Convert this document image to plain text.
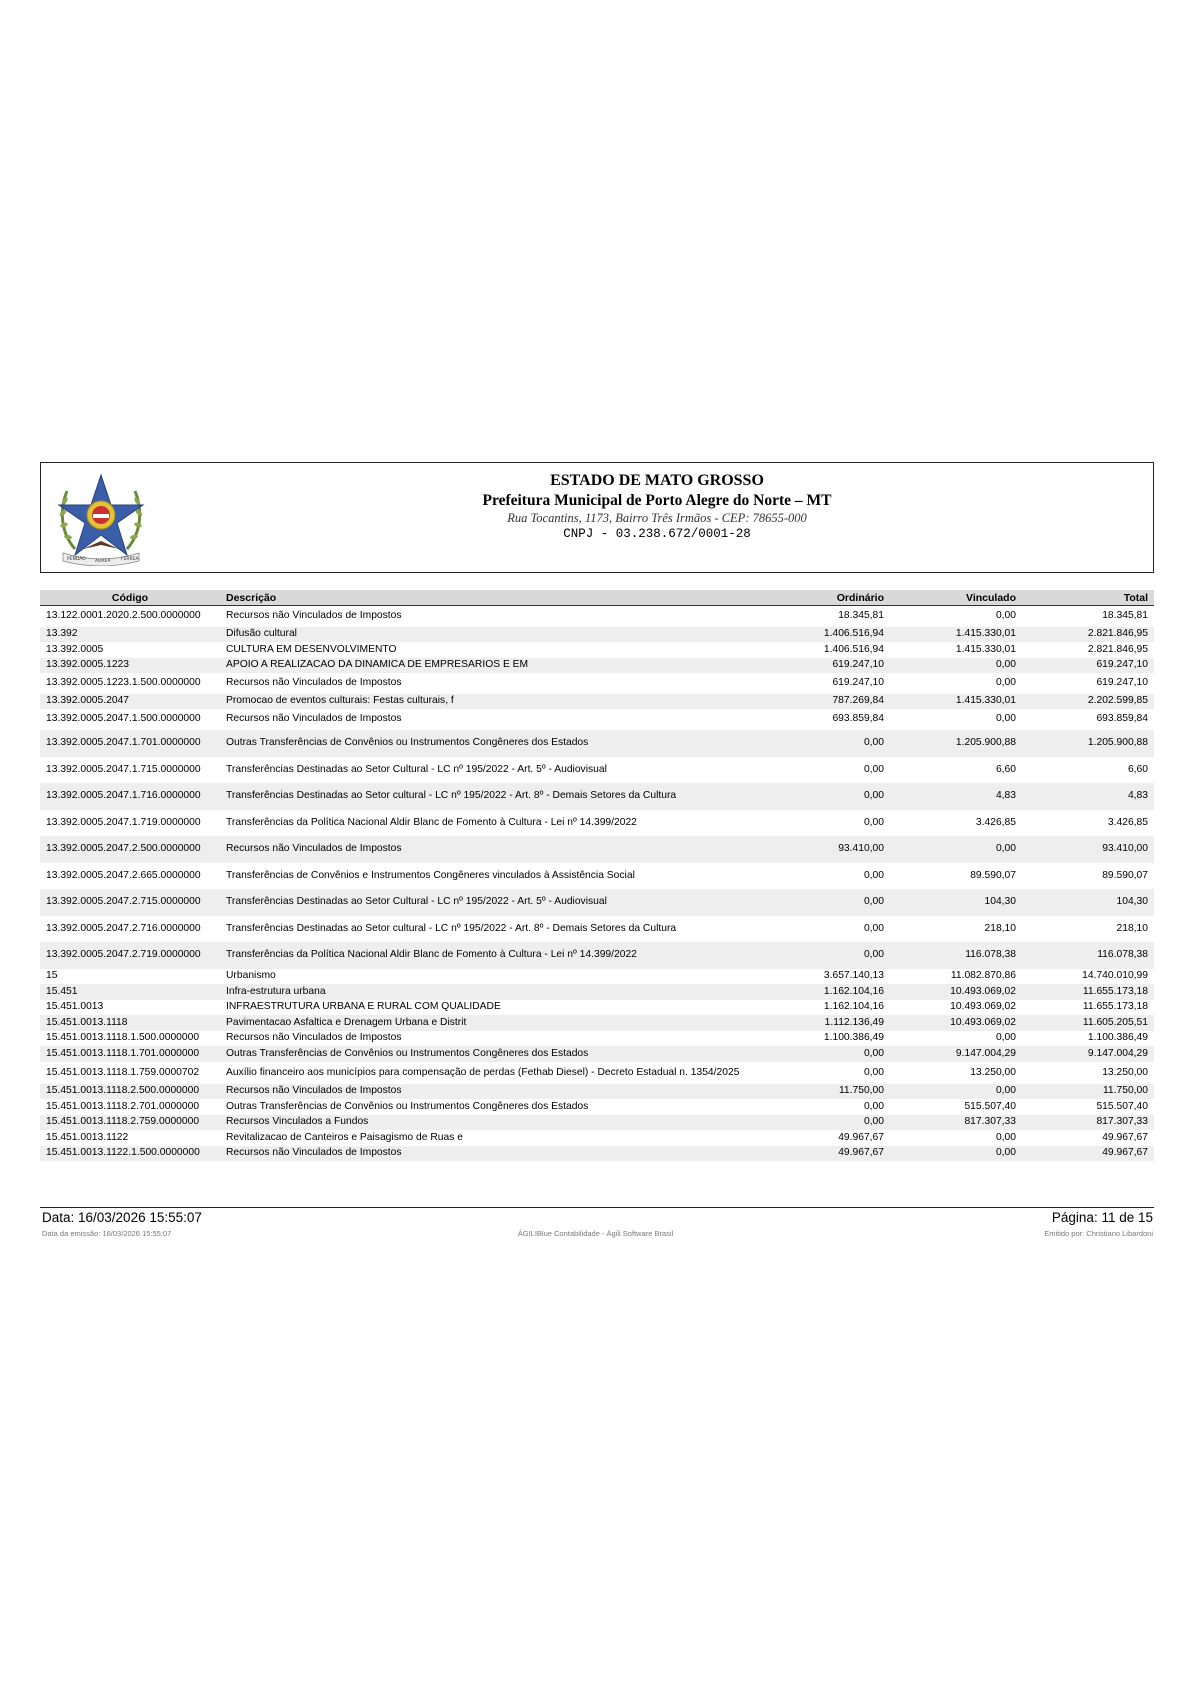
PENDÃO AUREA FERREA
ESTADO DE MATO GROSSO
Prefeitura Municipal de Porto Alegre do Norte – MT
Rua Tocantins, 1173, Bairro Três Irmãos - CEP: 78655-000
CNPJ - 03.238.672/0001-28
Código	Descrição	Ordinário	Vinculado	Total
13.122.0001.2020.2.500.0000000	Recursos não Vinculados de Impostos	18.345,81	0,00	18.345,81
13.392	Difusão cultural	1.406.516,94	1.415.330,01	2.821.846,95
13.392.0005	CULTURA EM DESENVOLVIMENTO	1.406.516,94	1.415.330,01	2.821.846,95
13.392.0005.1223	APOIO A REALIZACAO DA DINAMICA DE EMPRESARIOS E EM	619.247,10	0,00	619.247,10
13.392.0005.1223.1.500.0000000	Recursos não Vinculados de Impostos	619.247,10	0,00	619.247,10
13.392.0005.2047	Promocao de eventos culturais: Festas culturais, f	787.269,84	1.415.330,01	2.202.599,85
13.392.0005.2047.1.500.0000000	Recursos não Vinculados de Impostos	693.859,84	0,00	693.859,84
13.392.0005.2047.1.701.0000000	Outras Transferências de Convênios ou Instrumentos Congêneres dos Estados	0,00	1.205.900,88	1.205.900,88
13.392.0005.2047.1.715.0000000	Transferências Destinadas ao Setor Cultural - LC nº 195/2022 - Art. 5º - Audiovisual	0,00	6,60	6,60
13.392.0005.2047.1.716.0000000	Transferências Destinadas ao Setor cultural - LC nº 195/2022 - Art. 8º - Demais Setores da Cultura	0,00	4,83	4,83
13.392.0005.2047.1.719.0000000	Transferências da Política Nacional Aldir Blanc de Fomento à Cultura - Lei nº 14.399/2022	0,00	3.426,85	3.426,85
13.392.0005.2047.2.500.0000000	Recursos não Vinculados de Impostos	93.410,00	0,00	93.410,00
13.392.0005.2047.2.665.0000000	Transferências de Convênios e Instrumentos Congêneres vinculados à Assistência Social	0,00	89.590,07	89.590,07
13.392.0005.2047.2.715.0000000	Transferências Destinadas ao Setor Cultural - LC nº 195/2022 - Art. 5º - Audiovisual	0,00	104,30	104,30
13.392.0005.2047.2.716.0000000	Transferências Destinadas ao Setor cultural - LC nº 195/2022 - Art. 8º - Demais Setores da Cultura	0,00	218,10	218,10
13.392.0005.2047.2.719.0000000	Transferências da Política Nacional Aldir Blanc de Fomento à Cultura - Lei nº 14.399/2022	0,00	116.078,38	116.078,38
15	Urbanismo	3.657.140,13	11.082.870,86	14.740.010,99
15.451	Infra-estrutura urbana	1.162.104,16	10.493.069,02	11.655.173,18
15.451.0013	INFRAESTRUTURA URBANA E RURAL COM QUALIDADE	1.162.104,16	10.493.069,02	11.655.173,18
15.451.0013.1118	Pavimentacao Asfaltica e Drenagem Urbana e Distrit	1.112.136,49	10.493.069,02	11.605.205,51
15.451.0013.1118.1.500.0000000	Recursos não Vinculados de Impostos	1.100.386,49	0,00	1.100.386,49
15.451.0013.1118.1.701.0000000	Outras Transferências de Convênios ou Instrumentos Congêneres dos Estados	0,00	9.147.004,29	9.147.004,29
15.451.0013.1118.1.759.0000702	Auxílio financeiro aos municípios para compensação de perdas (Fethab Diesel) - Decreto Estadual n. 1354/2025	0,00	13.250,00	13.250,00
15.451.0013.1118.2.500.0000000	Recursos não Vinculados de Impostos	11.750,00	0,00	11.750,00
15.451.0013.1118.2.701.0000000	Outras Transferências de Convênios ou Instrumentos Congêneres dos Estados	0,00	515.507,40	515.507,40
15.451.0013.1118.2.759.0000000	Recursos Vinculados a Fundos	0,00	817.307,33	817.307,33
15.451.0013.1122	Revitalizacao de Canteiros e Paisagismo de Ruas e	49.967,67	0,00	49.967,67
15.451.0013.1122.1.500.0000000	Recursos não Vinculados de Impostos	49.967,67	0,00	49.967,67
Data: 16/03/2026 15:55:07	Página: 11 de 15
Data da emissão: 16/03/2026 15:55:07	ÁGILIBlue Contabilidade - Ágili Software Brasil	Emitido por: Christiano Libardoni
